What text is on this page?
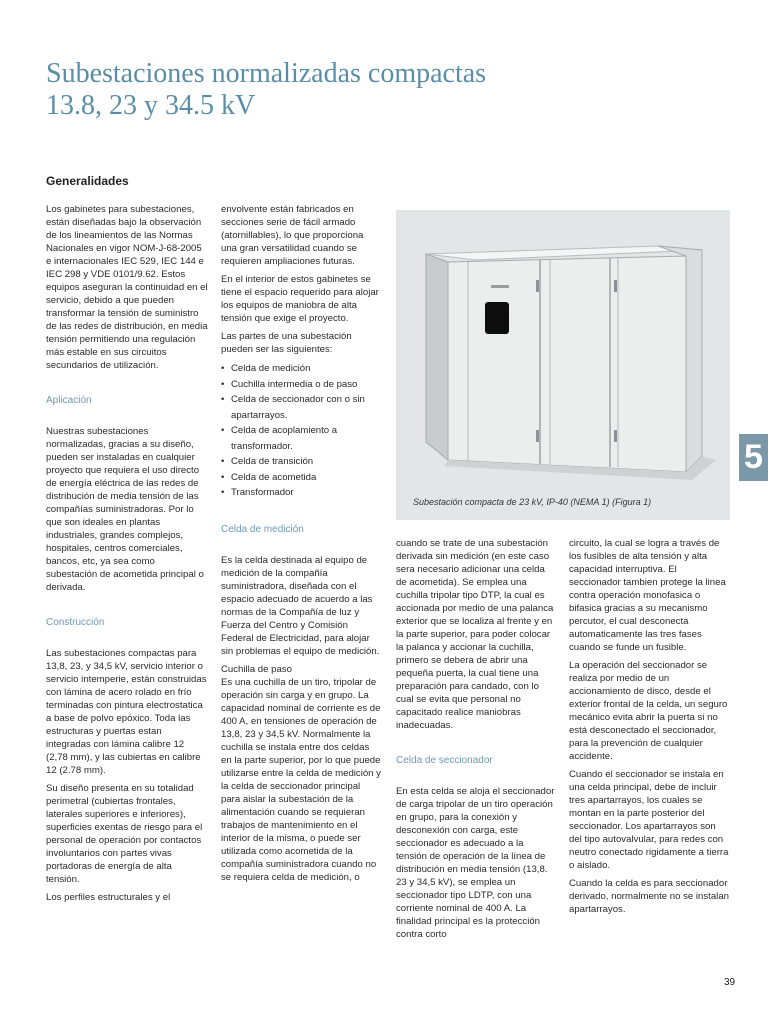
Subestaciones normalizadas compactas
13.8, 23 y 34.5 kV
Generalidades

Los gabinetes para subestaciones, están diseñadas bajo la observación de los lineamientos de las Normas Nacionales en vigor NOM-J-68-2005 e internacionales IEC 529, IEC 144 e IEC 298 y VDE 0101/9.62. Estos equipos aseguran la continuidad en el servicio, debido a que pueden transformar la tensión de suministro de las redes de distribución, en media tensión permitiendo una regulación más estable en sus circuitos secundarios de utilización.

Aplicación

Nuestras subestaciones normalizadas, gracias a su diseño, pueden ser instaladas en cualquier proyecto que requiera el uso directo de energía eléctrica de las redes de distribución de media tensión de las compañías suministradoras. Por lo que son ideales en plantas industriales, grandes complejos, hospitales, centros comerciales, bancos, etc, ya sea como subestación de acometida principal o derivada.

Construcción

Las subestaciones compactas para 13,8, 23, y 34,5 kV, servicio interior o servicio intemperie, están construidas con lámina de acero rolado en frío terminadas con pintura electrostatica a base de polvo epóxico. Toda las estructuras y puertas estan integradas con lámina calibre 12 (2,78 mm), y las cubiertas en calibre 12 (2.78 mm).

Su diseño presenta en su totalidad perimetral (cubiertas frontales, laterales superiores e inferiores), superficies exentas de riesgo para el personal de operación por contactos involuntarios con partes vivas portadoras de energía de alta tensión.

Los perfiles estructurales y el

envolvente están fabricados en secciones serie de fácil armado (atornillables), lo que proporciona una gran versatilidad cuando se requieren ampliaciones futuras.

En el interior de estos gabinetes se tiene el espacio requerido para alojar los equipos de maniobra de alta tensión que exige el proyecto.

Las partes de una subestación pueden ser las siguientes:

• Celda de medición
• Cuchilla intermedia o de paso
• Celda de seccionador con o sin apartarrayos.
• Celda de acoplamiento a transformador.
• Celda de transición
• Celda de acometida
• Transformador
Celda de medición

Es la celda destinada al equipo de medición de la compañía suministradora, diseñada con el espacio adecuado de acuerdo a las normas de la Compañía de luz y Fuerza del Centro y Comisión Federal de Electricidad, para alojar sin problemas el equipo de medición.

Cuchilla de paso

Es una cuchilla de un tiro, tripolar de operación sin carga y en grupo. La capacidad nominal de corriente es de 400 A, en tensiones de operación de 13,8, 23 y 34,5 kV. Normalmente la cuchilla se instala entre dos celdas en la parte superior, por lo que puede utilizarse entre la celda de medición y la celda de seccionador principal para aislar la subestación de la alimentación cuando se requieran trabajos de mantenimiento en el interior de la misma, o puede ser utilizada como acometida de la compañía suministradora cuando no se requiera celda de medición, o

Subestación compacta de 23 kV, IP-40 (NEMA 1) (Figura 1)

cuando se trate de una subestación derivada sin medición (en este caso sera necesario adicionar una celda de acometida). Se emplea una cuchilla tripolar tipo DTP, la cual es accionada por medio de una palanca exterior que se localiza al frente y en la parte superior, para poder colocar la palanca y accionar la cuchilla, primero se debera de abrir una pequeña puerta, la cual tiene una preparación para candado, con lo cual se evita que personal no capacitado realice maniobras inadecuadas.

Celda de seccionador

En esta celda se aloja el seccionador de carga tripolar de un tiro operación en grupo, para la conexión y desconexión con carga, este seccionador es adecuado a la tensión de operación de la línea de distribución en media tensión (13,8. 23 y 34,5 kV), se emplea un seccionador tipo LDTP, con una corriente nominal de 400 A. La finalidad principal es la protección contra corto

circuito, la cual se logra a través de los fusibles de alta tensión y alta capacidad interruptiva. El seccionador tambien protege la linea contra operación monofasica o bifasica gracias a su mecanismo percutor, el cual desconecta automaticamente las tres fases cuando se funde un fusible.

La operación del seccionador se realiza por medio de un accionamiento de disco, desde el exterior frontal de la celda, un seguro mecánico evita abrir la puerta si no está desconectado el seccionador, para la prevención de cualquier accidente.

Cuando el seccionador se instala en una celda principal, debe de incluir tres apartarrayos, los cuales se montan en la parte posterior del seccionador. Los apartarrayos son del tipo autovalvular, para redes con neutro conectado rigidamente a tierra o aislado.

Cuando la celda es para seccionador derivado, normalmente no se instalan apartarrayos.

5
39
